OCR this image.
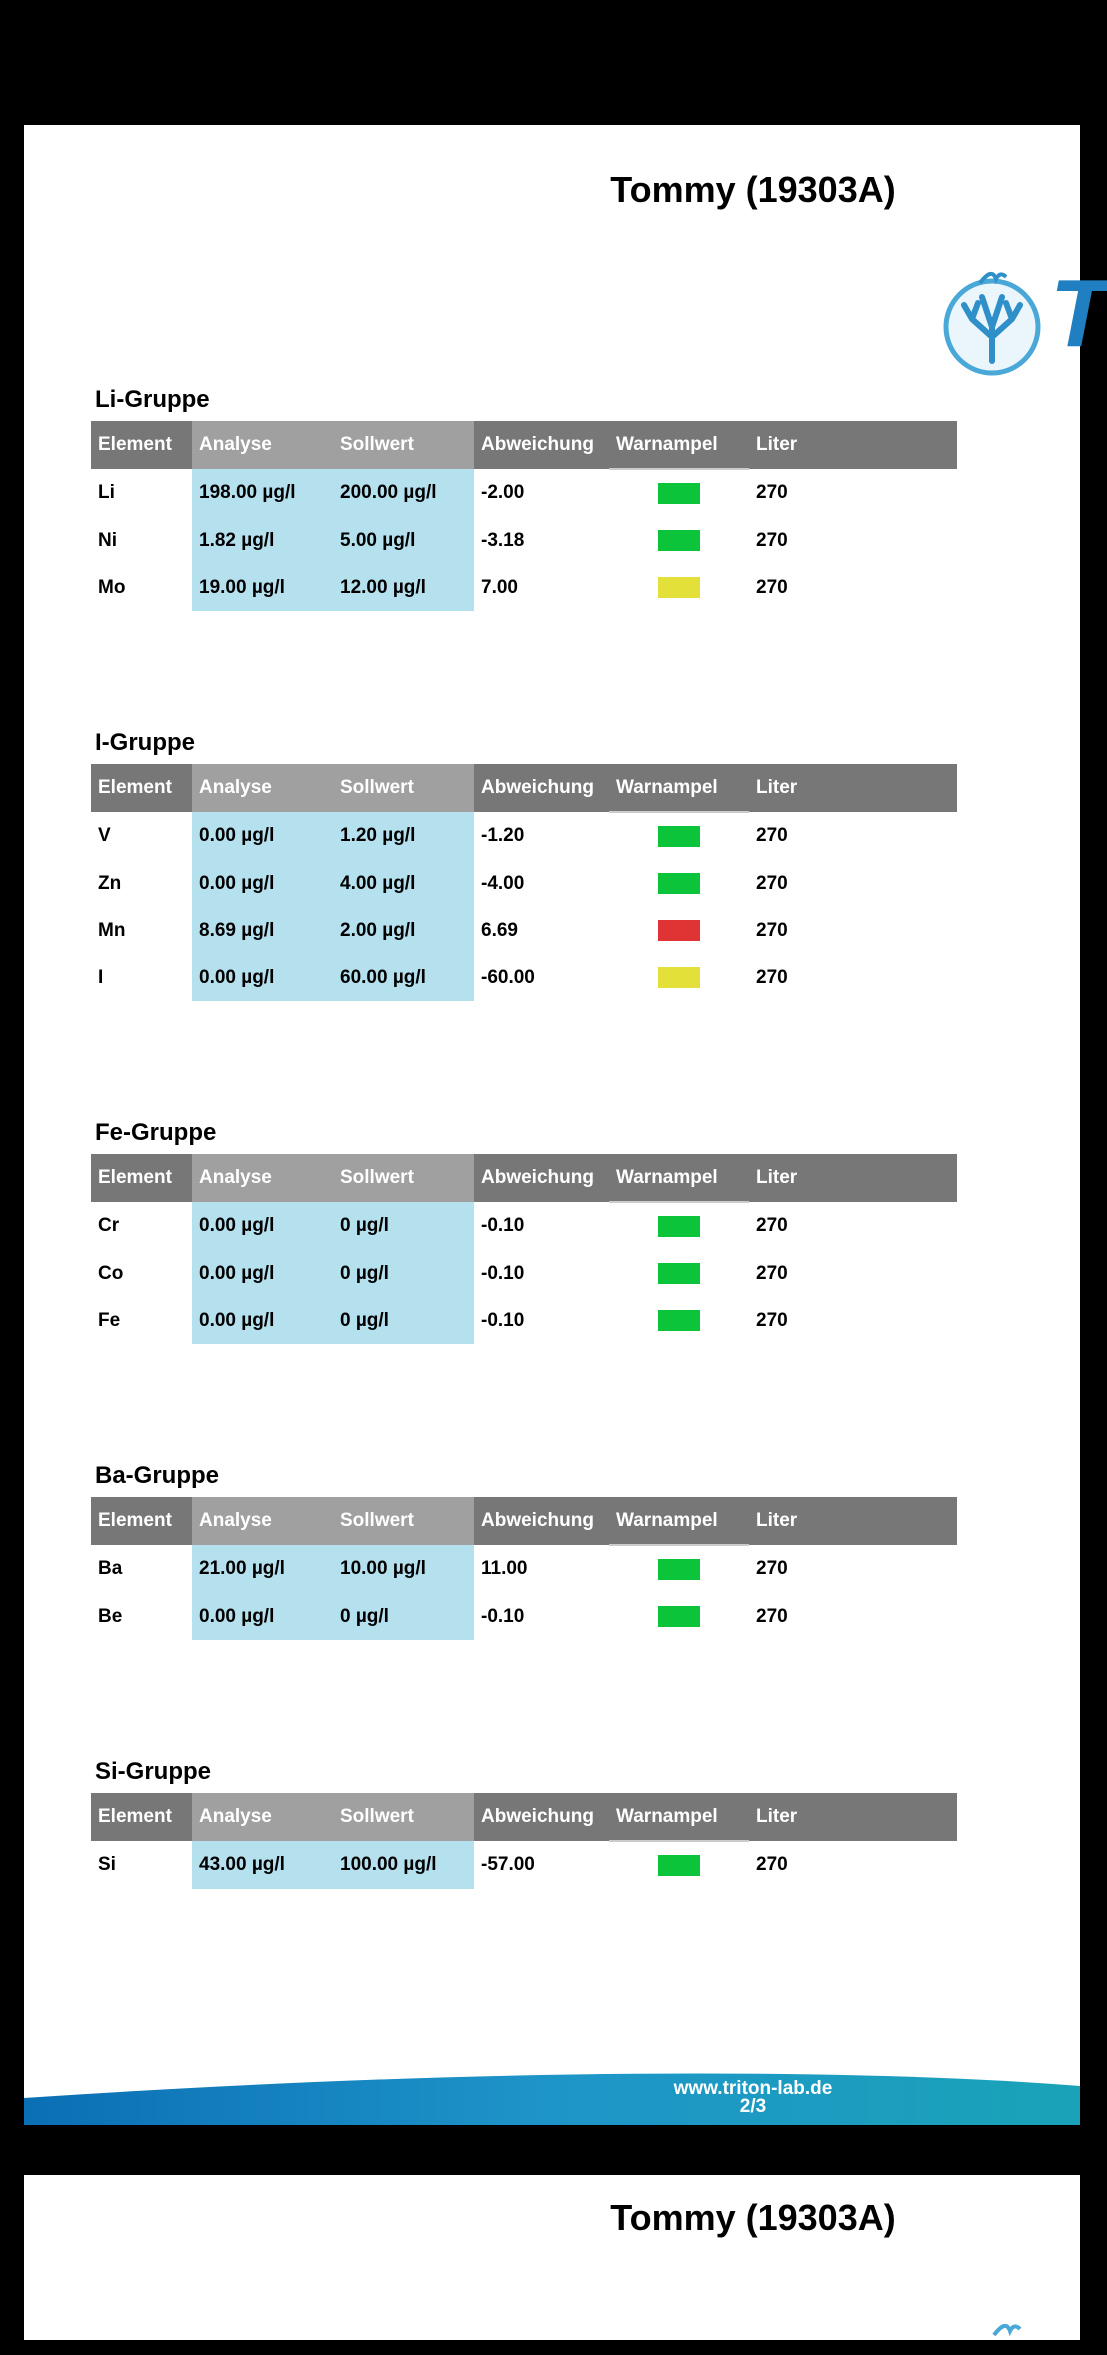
Tommy (19303A)
T
Li-Gruppe
Element	Analyse	Sollwert	Abweichung	Warnampel	Liter
Li	198.00 µg/l	200.00 µg/l	-2.00		270
Ni	1.82 µg/l	5.00 µg/l	-3.18		270
Mo	19.00 µg/l	12.00 µg/l	7.00		270
I-Gruppe
Element	Analyse	Sollwert	Abweichung	Warnampel	Liter
V	0.00 µg/l	1.20 µg/l	-1.20		270
Zn	0.00 µg/l	4.00 µg/l	-4.00		270
Mn	8.69 µg/l	2.00 µg/l	6.69		270
I	0.00 µg/l	60.00 µg/l	-60.00		270
Fe-Gruppe
Element	Analyse	Sollwert	Abweichung	Warnampel	Liter
Cr	0.00 µg/l	0 µg/l	-0.10		270
Co	0.00 µg/l	0 µg/l	-0.10		270
Fe	0.00 µg/l	0 µg/l	-0.10		270
Ba-Gruppe
Element	Analyse	Sollwert	Abweichung	Warnampel	Liter
Ba	21.00 µg/l	10.00 µg/l	11.00		270
Be	0.00 µg/l	0 µg/l	-0.10		270
Si-Gruppe
Element	Analyse	Sollwert	Abweichung	Warnampel	Liter
Si	43.00 µg/l	100.00 µg/l	-57.00		270
www.triton-lab.de
2/3
Tommy (19303A)
